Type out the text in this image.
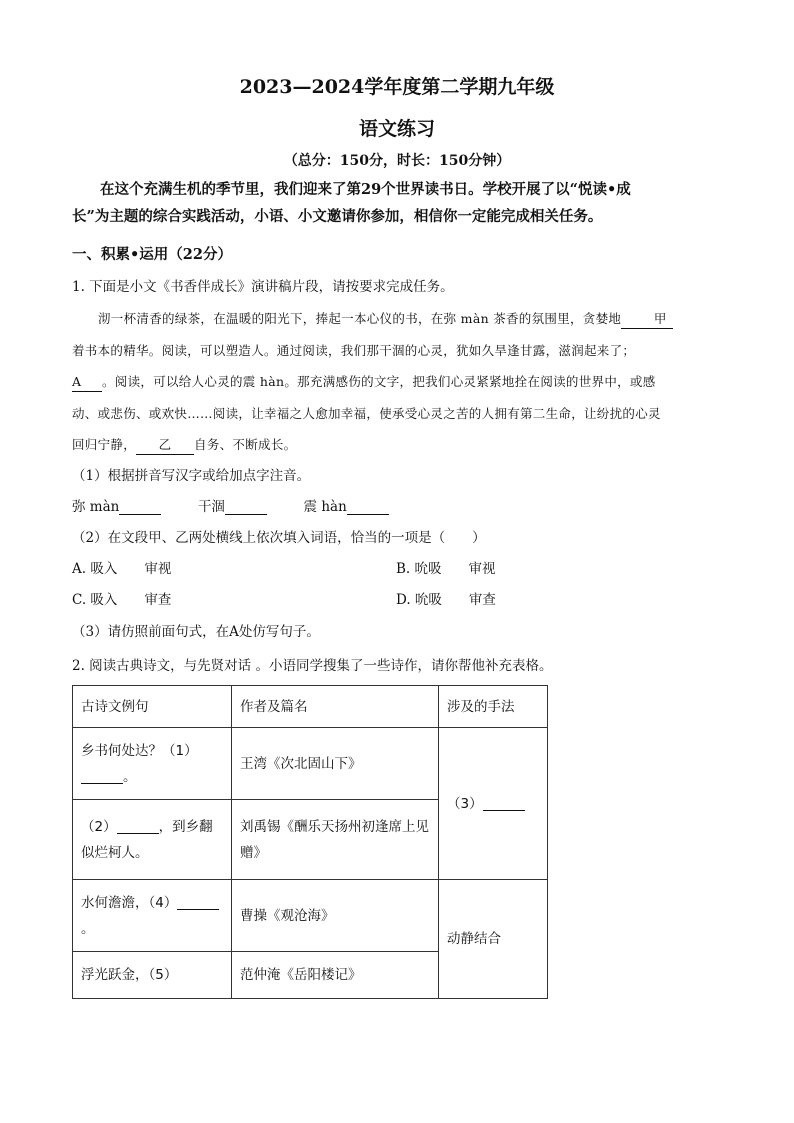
2023—2024学年度第二学期九年级
语文练习
（总分：150分，时长：150分钟）

在这个充满生机的季节里，我们迎来了第29个世界读书日。学校开展了以“悦读•成

长”为主题的综合实践活动，小语、小文邀请你参加，相信你一定能完成相关任务。

一、积累•运用（22分）
1. 下面是小文《书香伴成长》演讲稿片段，请按要求完成任务。

沏一杯清香的绿茶，在温暖的阳光下，捧起一本心仪的书，在弥 màn 茶香的氛围里，贪婪地	甲

着书本的精华。阅读，可以塑造人。通过阅读，我们那干涸的心灵，犹如久旱逢甘露，滋润起来了；

A 。阅读，可以给人心灵的震 hàn。那充满感伤的文字，把我们心灵紧紧地拴在阅读的世界中，或感

动、或悲伤、或欢快……阅读，让幸福之人愈加幸福，使承受心灵之苦的人拥有第二生命，让纷扰的心灵

回归宁静， 乙 自务、不断成长。

（1）根据拼音写汉字或给加点字注音。
弥 màn	干涸	震 hàn
（2）在文段甲、乙两处横线上依次填入词语，恰当的一项是（　　）
A. 吸入　　审视	B. 吮吸　　审视
C. 吸入　　审查	D. 吮吸　　审查
（3）请仿照前面句式，在A处仿写句子。
2. 阅读古典诗文，与先贤对话 。小语同学搜集了一些诗作，请你帮他补充表格。
古诗文例句	作者及篇名	涉及的手法
乡书何处达？（1）
。	王湾《次北固山下》	（3）
（2） ，到乡翻
似烂柯人。	刘禹锡《酬乐天扬州初逢席上见赠》	
水何澹澹，（4）
。	曹操《观沧海》	动静结合
浮光跃金，（5）	范仲淹《岳阳楼记》	
